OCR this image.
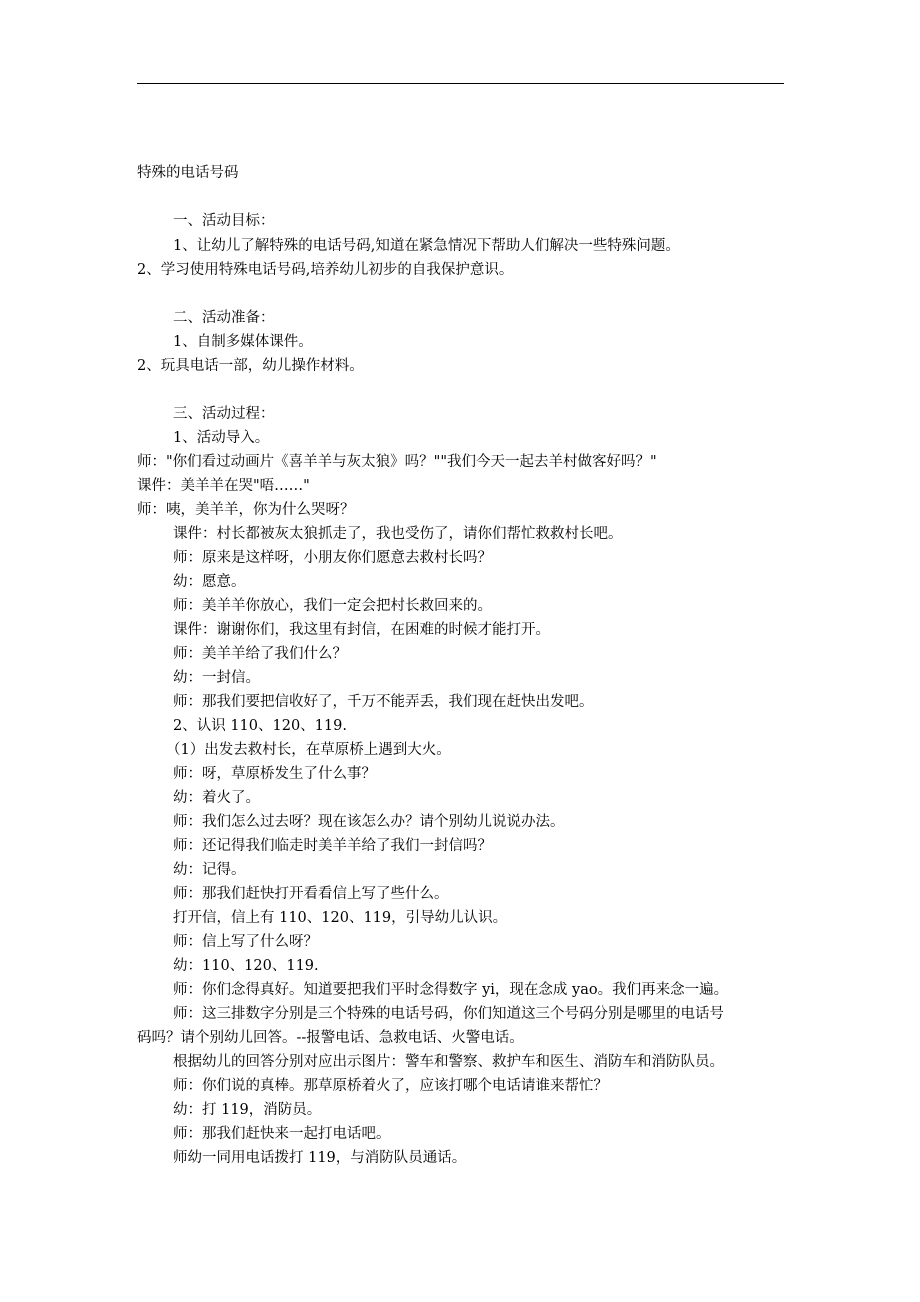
特殊的电话号码
一、活动目标：
1、让幼儿了解特殊的电话号码,知道在紧急情况下帮助人们解决一些特殊问题。
2、学习使用特殊电话号码,培养幼儿初步的自我保护意识。
二、活动准备：
1、自制多媒体课件。
2、玩具电话一部，幼儿操作材料。
三、活动过程：
1、活动导入。
师："你们看过动画片《喜羊羊与灰太狼》吗？""我们今天一起去羊村做客好吗？"
课件：美羊羊在哭"唔……"
师：咦，美羊羊，你为什么哭呀？
课件：村长都被灰太狼抓走了，我也受伤了，请你们帮忙救救村长吧。
师：原来是这样呀，小朋友你们愿意去救村长吗？
幼：愿意。
师：美羊羊你放心，我们一定会把村长救回来的。
课件：谢谢你们，我这里有封信，在困难的时候才能打开。
师：美羊羊给了我们什么？
幼：一封信。
师：那我们要把信收好了，千万不能弄丢，我们现在赶快出发吧。
2、认识 110、120、119.
（1）出发去救村长，在草原桥上遇到大火。
师：呀，草原桥发生了什么事？
幼：着火了。
师：我们怎么过去呀？现在该怎么办？请个别幼儿说说办法。
师：还记得我们临走时美羊羊给了我们一封信吗？
幼：记得。
师：那我们赶快打开看看信上写了些什么。
打开信，信上有 110、120、119，引导幼儿认识。
师：信上写了什么呀？
幼：110、120、119.
师：你们念得真好。知道要把我们平时念得数字 yi，现在念成 yao。我们再来念一遍。
师：这三排数字分别是三个特殊的电话号码，你们知道这三个号码分别是哪里的电话号
码吗？请个别幼儿回答。--报警电话、急救电话、火警电话。
根据幼儿的回答分别对应出示图片：警车和警察、救护车和医生、消防车和消防队员。
师：你们说的真棒。那草原桥着火了，应该打哪个电话请谁来帮忙？
幼：打 119，消防员。
师：那我们赶快来一起打电话吧。
师幼一同用电话拨打 119，与消防队员通话。
